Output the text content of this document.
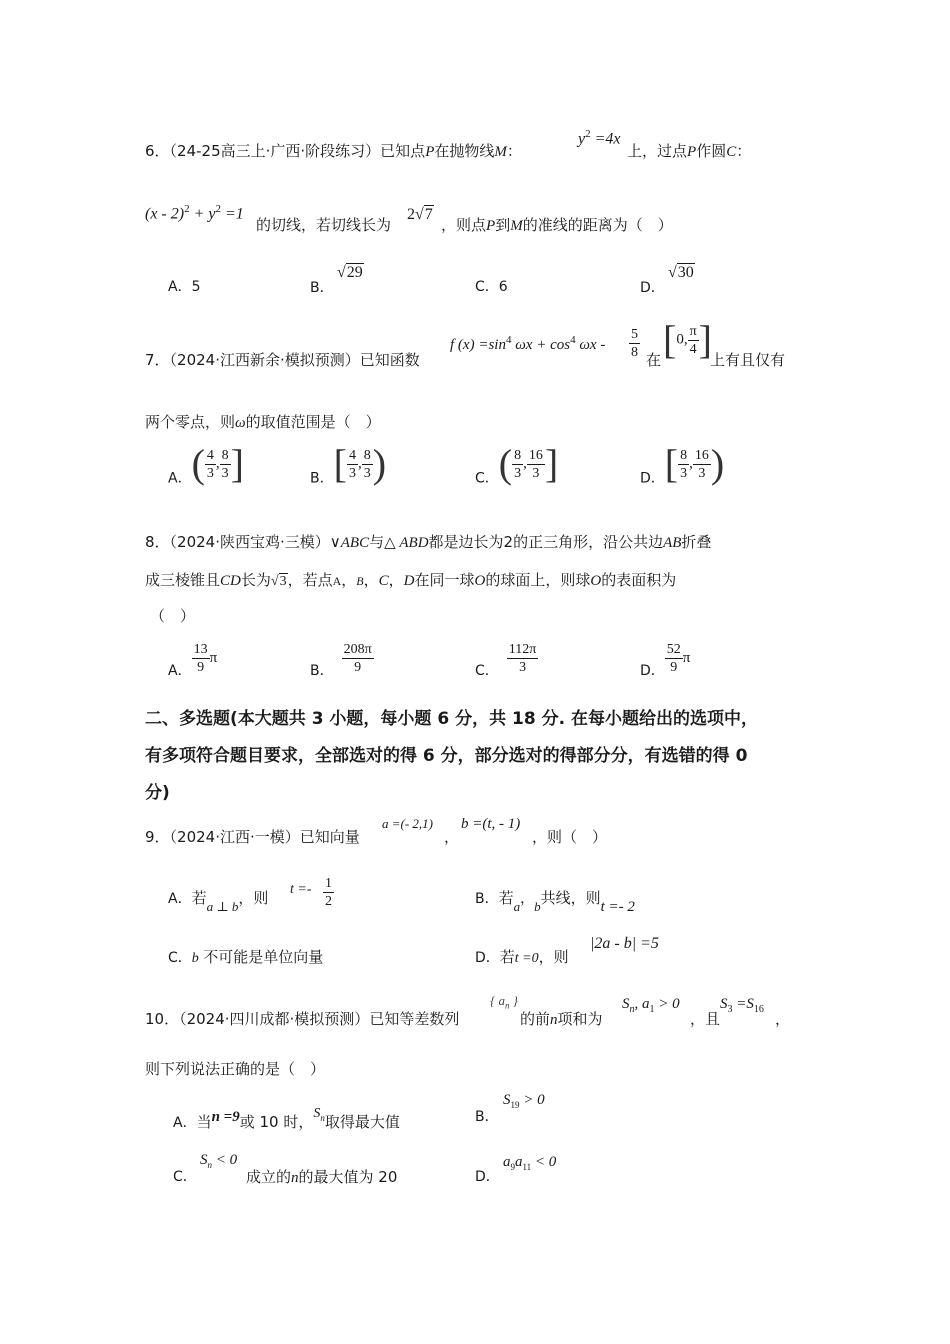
6．（24-25高三上·广西·阶段练习）已知点P在抛物线M：
$y^2 =4x$
上，过点P作圆C：
$(x - 2)^2 + y^2 =1$
的切线，若切线长为
2√7
，则点P到M的准线的距离为（　）
A．5	B．
√29
C．6	D．
√30
7．（2024·江西新余·模拟预测）已知函数
f $(x) =\sin^4$ $\omega x + \cos^4 \omega x - \frac{5}{8}$ 在 [0, $\frac{\pi}{4}$ ]
上有且仅有
两个零点，则ω的取值范围是（　）
A．( $\frac{4}{3}$ , $\frac{8}{3}$ ]	B．[ $\frac{4}{3}$ , $\frac{8}{3}$ )	C．( $\frac{8}{3}$ , $\frac{16}{3}$ ]	D．[ $\frac{8}{3}$ , $\frac{16}{3}$ )
8．（2024·陕西宝鸡·三模）∨ABC与△ ABD都是边长为2的正三角形，沿公共边AB折叠
成三棱锥且CD长为√3，若点A，B，C，D在同一球O的球面上，则球O的表面积为
（　）
A． $\frac{13}{9}$ π
B． $\frac{208\pi}{9}$	C． $\frac{112\pi}{3}$	D． $\frac{52}{9}$ π
二、多选题(本大题共 3 小题，每小题 6 分，共 18 分. 在每小题给出的选项中，
有多项符合题目要求，全部选对的得 6 分，部分选对的得部分分，有选错的得 0
分)
9．（2024·江西·一模）已知向量
a =(- 2,1)
，
b =(t, - 1)
，则（　）
A．若a ⊥ b，则 $t =- \frac{1}{2}$	B．若a，b共线，则t =- 2
C．b 不可能是单位向量	D．若t =0，则
|2a - b| =5
10．（2024·四川成都·模拟预测）已知等差数列
{ $a_n$ }
的前n项和为
$S_n$, $a_1 > 0$
，且
$S_3 =S_{16}$
，
则下列说法正确的是（　）
A．当n =9或 10 时，$S_n$取得最大值	B．
$S_{19} > 0$
C．
$S_n < 0$
成立的n的最大值为 20	D．
$a_9a_{11} < 0$
